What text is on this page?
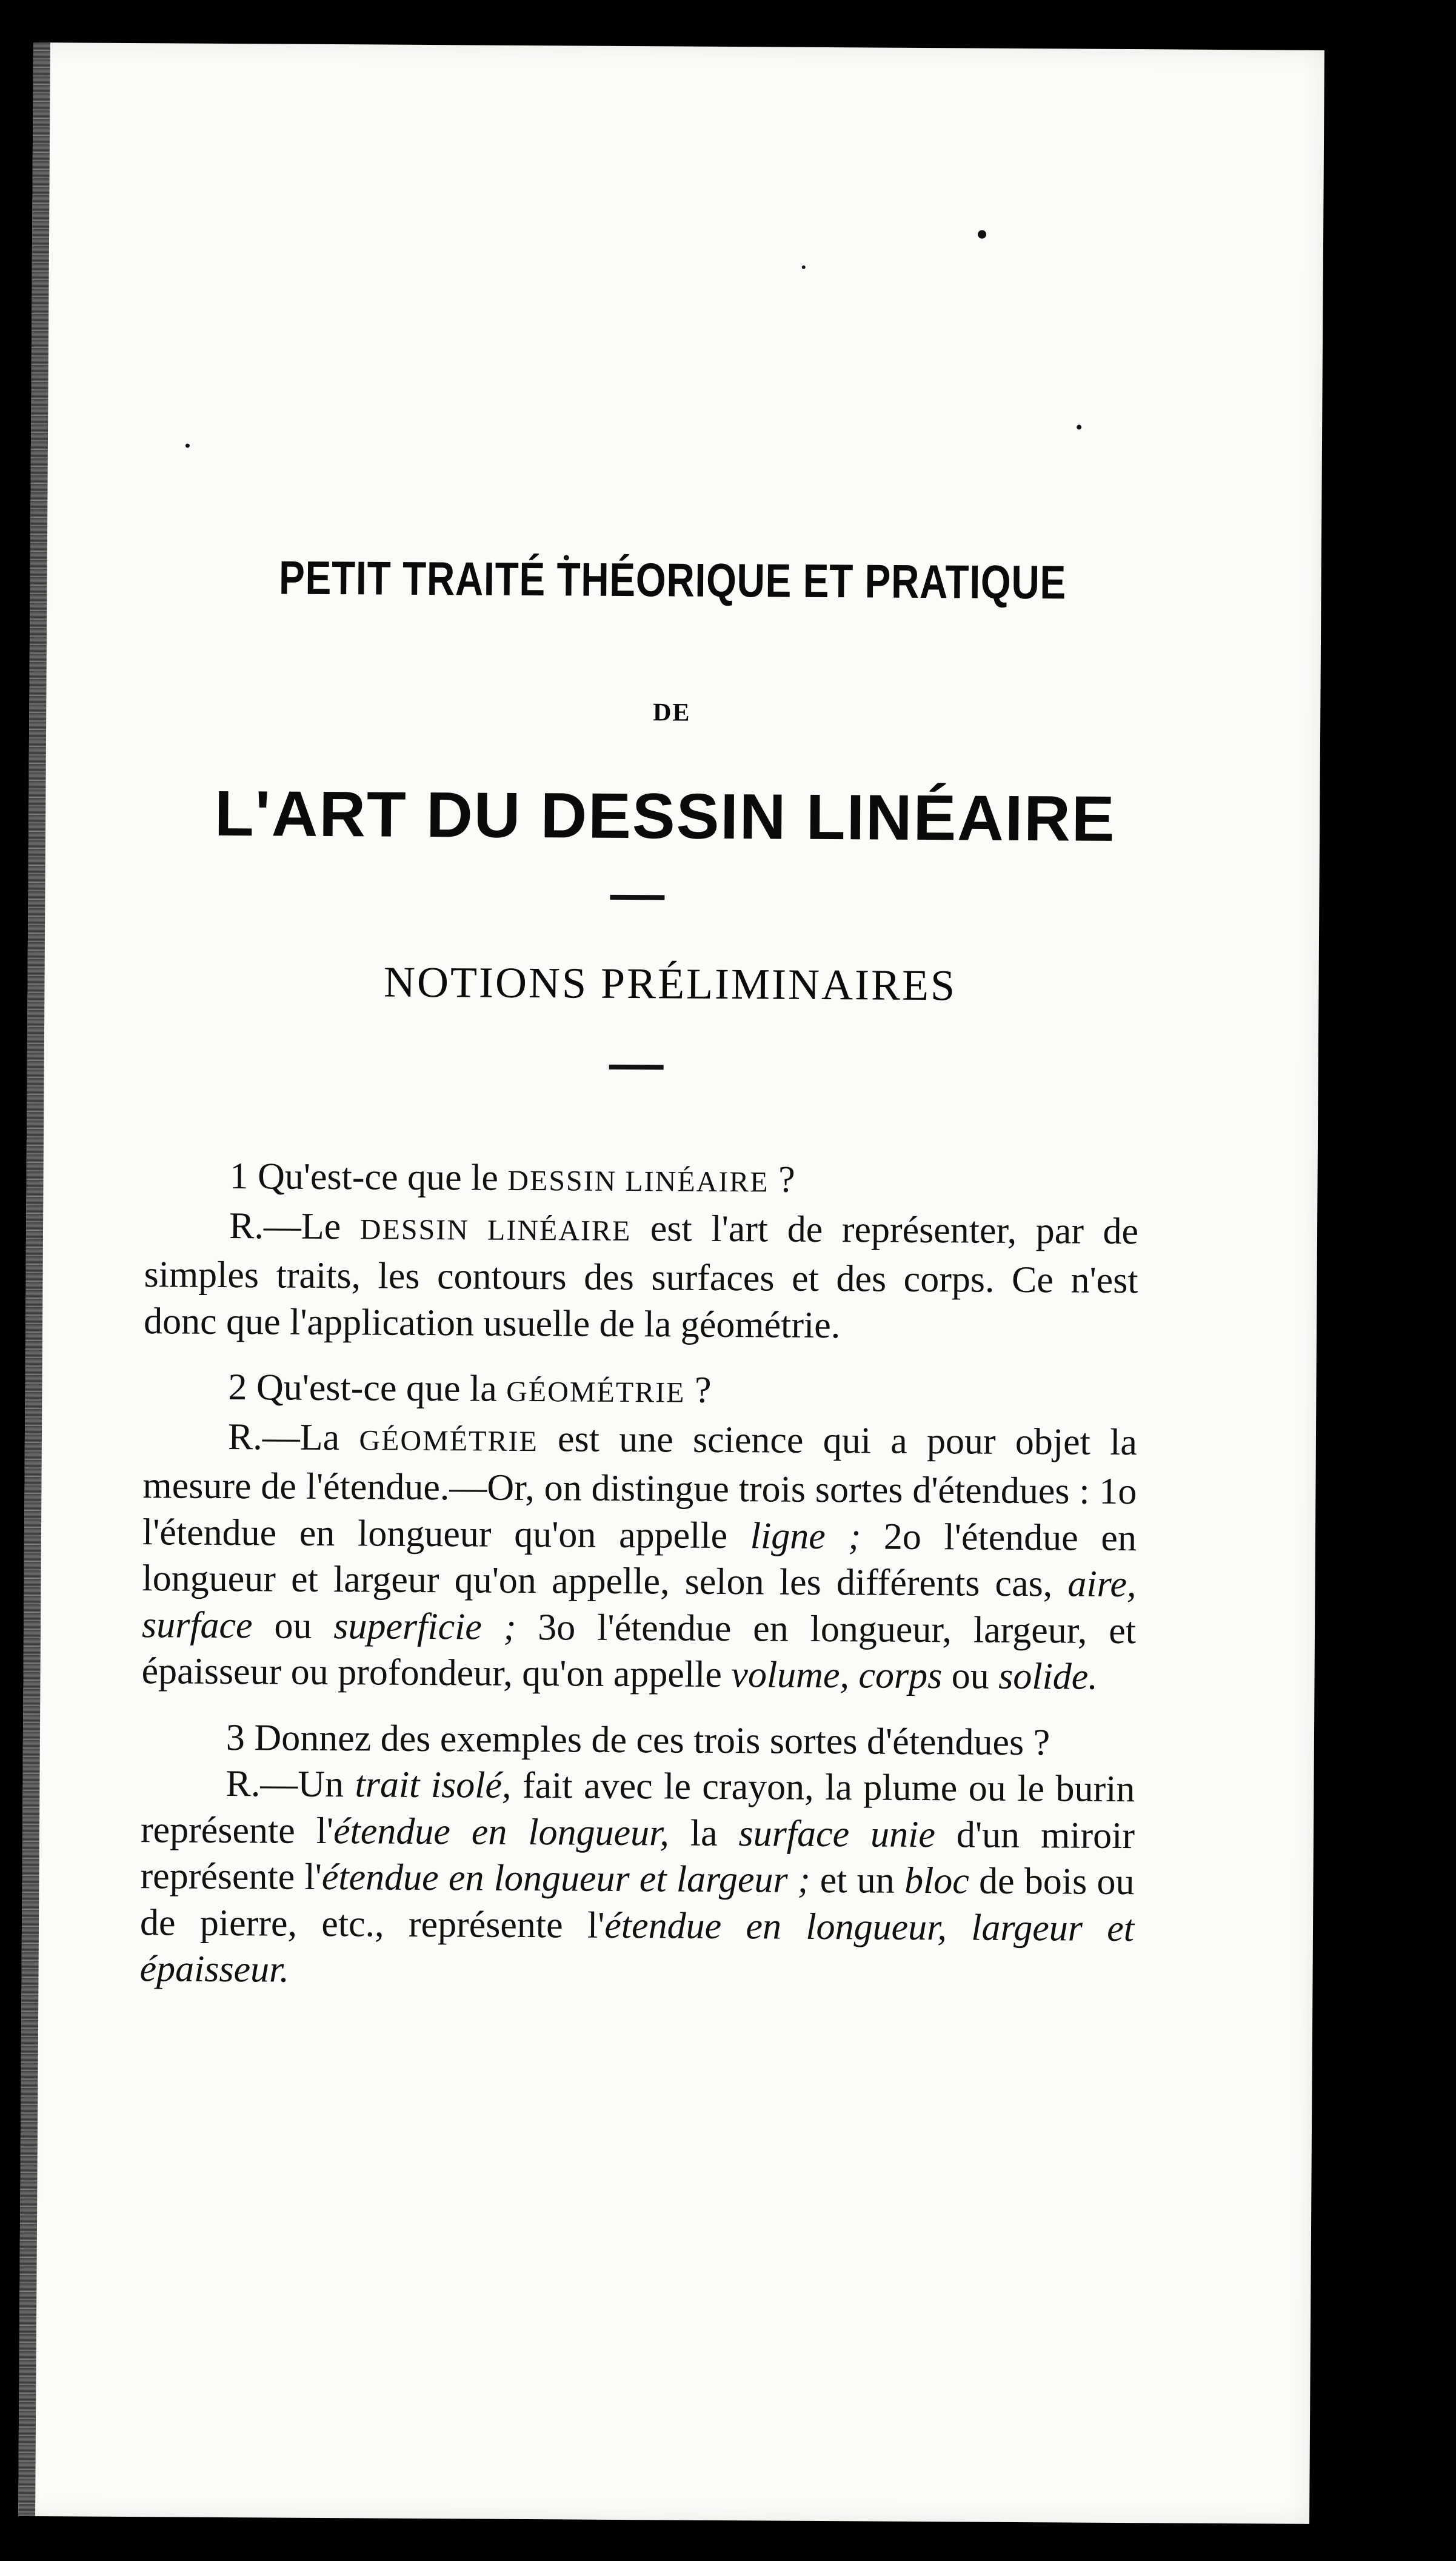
PETIT TRAITÉ THÉORIQUE ET PRATIQUE
DE
L'ART DU DESSIN LINÉAIRE
NOTIONS PRÉLIMINAIRES

1 Qu'est-ce que le DESSIN LINÉAIRE ?

R.—Le DESSIN LINÉAIRE est l'art de représenter, par de simples traits, les contours des surfaces et des corps. Ce n'est donc que l'application usuelle de la géométrie.

2 Qu'est-ce que la GÉOMÉTRIE ?

R.—La GÉOMÉTRIE est une science qui a pour objet la mesure de l'étendue.—Or, on distingue trois sortes d'étendues : 1o l'étendue en longueur qu'on appelle ligne ; 2o l'étendue en longueur et largeur qu'on appelle, selon les différents cas, aire, surface ou superficie ; 3o l'étendue en longueur, largeur, et épaisseur ou profondeur, qu'on appelle volume, corps ou solide.

3 Donnez des exemples de ces trois sortes d'étendues ?

R.—Un trait isolé, fait avec le crayon, la plume ou le burin représente l'étendue en longueur, la surface unie d'un miroir représente l'étendue en longueur et largeur ; et un bloc de bois ou de pierre, etc., représente l'étendue en longueur, largeur et épaisseur.
